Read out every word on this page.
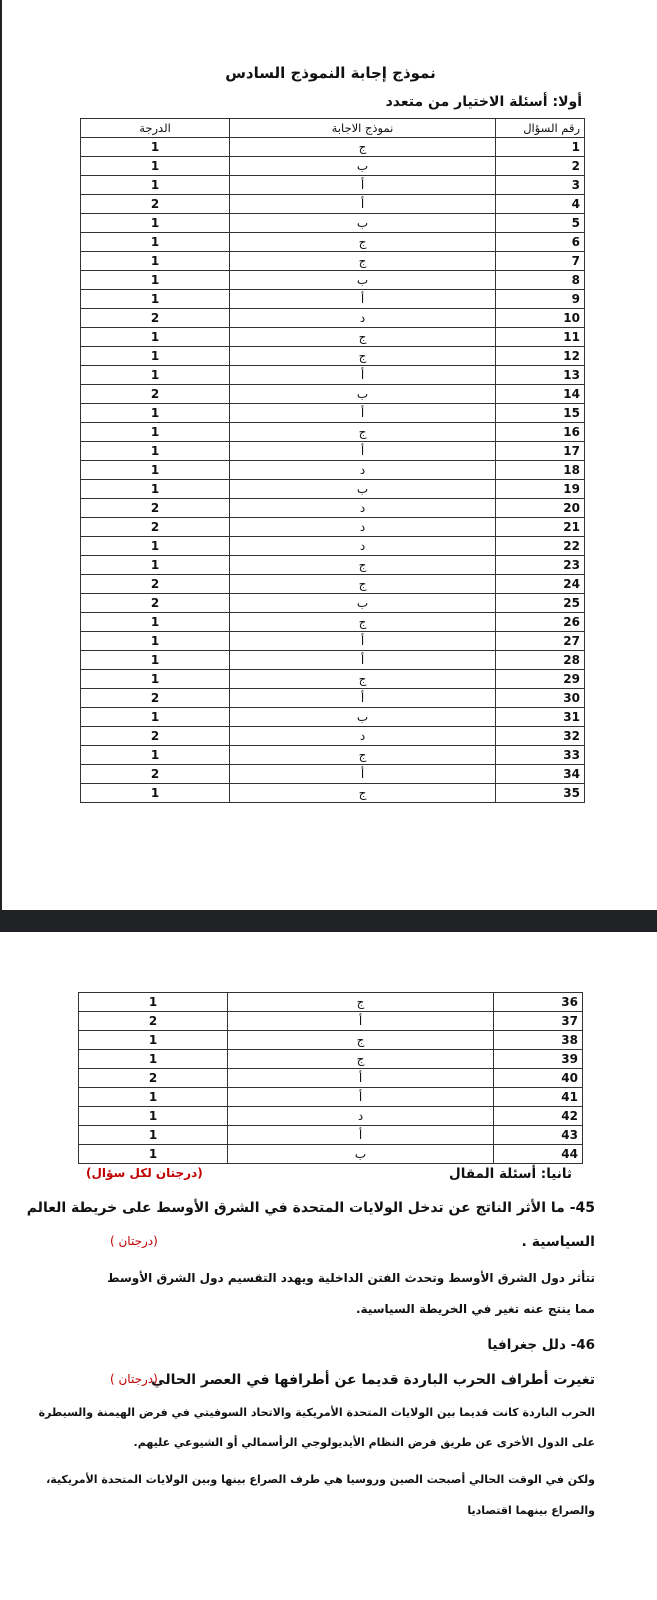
نموذج إجابة النموذج السادس
أولا: أسئلة الاختيار من متعدد
رقم السؤال	نموذج الاجابة	الدرجة
1	ج	1
2	ب	1
3	أ	1
4	أ	2
5	ب	1
6	ج	1
7	ج	1
8	ب	1
9	أ	1
10	د	2
11	ج	1
12	ج	1
13	أ	1
14	ب	2
15	أ	1
16	ج	1
17	أ	1
18	د	1
19	ب	1
20	د	2
21	د	2
22	د	1
23	ج	1
24	ج	2
25	ب	2
26	ج	1
27	أ	1
28	أ	1
29	ج	1
30	أ	2
31	ب	1
32	د	2
33	ج	1
34	أ	2
35	ج	1
36	ج	1
37	أ	2
38	ج	1
39	ج	1
40	أ	2
41	أ	1
42	د	1
43	أ	1
44	ب	1
ثانيا: أسئلة المقال
(درجتان لكل سؤال)
45- ما الأثر الناتج عن تدخل الولايات المتحدة في الشرق الأوسط على خريطة العالم
السياسية .
(درجتان )
تتأثر دول الشرق الأوسط وتحدث الفتن الداخلية ويهدد التقسيم دول الشرق الأوسط
مما ينتج عنه تغير في الخريطة السياسية.
46- دلل جغرافيا
تغيرت أطراف الحرب الباردة قديما عن أطرافها في العصر الحالي
(درجتان )
الحرب الباردة كانت قديما بين الولايات المتحدة الأمريكية والاتحاد السوفيتي في فرض الهيمنة والسيطرة
على الدول الأخرى عن طريق فرض النظام الأيديولوجي الرأسمالي أو الشيوعي عليهم.
ولكن في الوقت الحالي أصبحت الصين وروسيا هي طرف الصراع بينها وبين الولايات المتحدة الأمريكية،
والصراع بينهما اقتصاديا
